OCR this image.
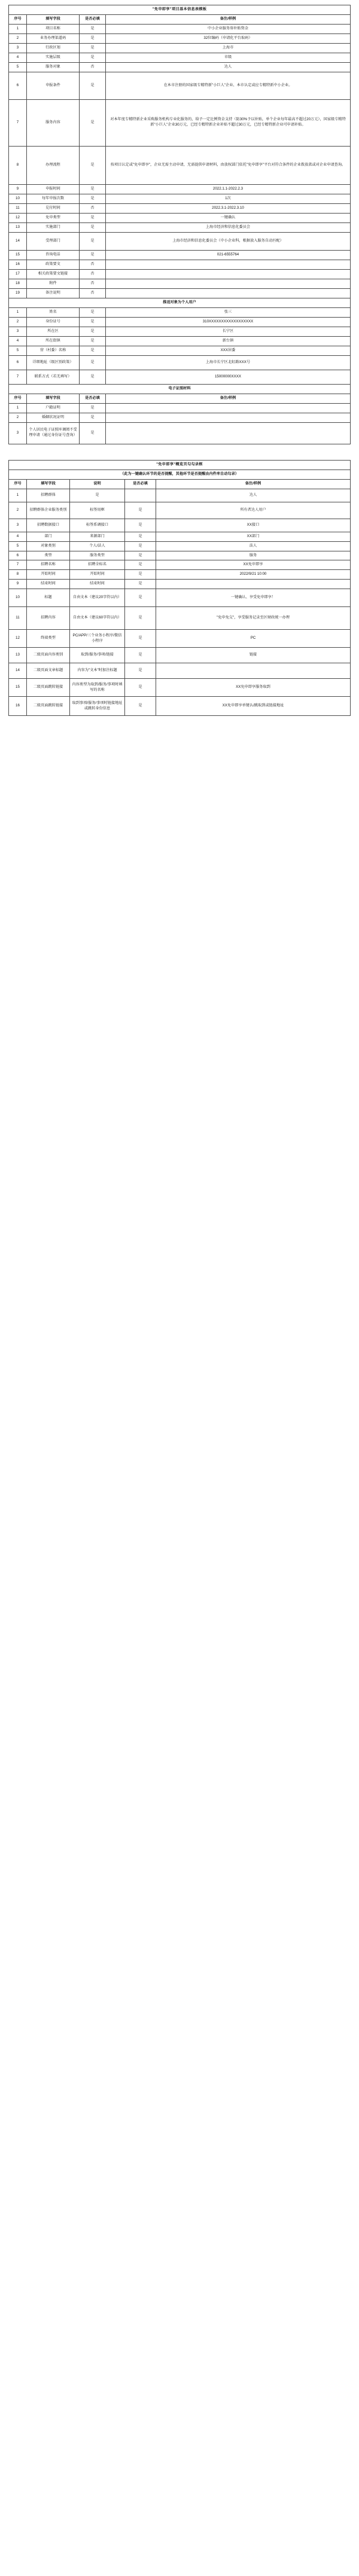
"免申即享"项目基本信息表模板			
序号	填写字段	是否必填	备注/样例
1	项目名称	是	中小企业服务券补贴资金
2	业务办理渠道码	是	32位编码（申请化平台取码）
3	行政区划	是	上海市
4	实施层级	是	市级
5	服务对象	否	达人
6	申报条件	是	在本市注册的国家级专精特新"小巨人"企业、本市认定或应专精特新中小企业。
7	服务内容	是	对本年度专精特新企业采购服务机构专业化服务的，给予一定比例资金支持（防30%予以补贴，单个企业每年最高不超过20万元），国家级专精特新"小巨人"企业30万元，已经专精特新企业补贴不超过30万元，已经专精特新企业可申请补贴。
8	办理流程	是	按项目认定或"免申即享"，企业无需主动申请，无需提供申请材料，由放权部门依托"免申即享"平台对符合条件的企业拨放款或对企业申请查询。
9	申报时间	是	2022.1.1-2022.2.3
10	每年申报次数	是	1次
11	兑付时间	否	2022.3.1-2022.3.10
12	免申类型	是	一键确认
13	实施部门	是	上海市经济和信息化委员会
14	受理部门	是	上海市经济和信息化委员会（中小企业科，根据放入服务自动匹配）
15	咨询电话	是	021-6555764
16	政策要文	否	
17	相关政策要文链接	否	
18	附件	否	
19	备注说明	否	
推送对象为个人用户			
1	姓名	是	张三
2	身份证号	是	310XXXXXXXXXXXXXXXXXX
3	所在区	是	长宁区
4	所在街镇	是	新台镇
5	营（村委）名称	是	XXX居委
6	详细地址（级区别政策）	是	上海市长宁区北虹路XXX号
7	联系方式（若无填写）	是	15000000XXXX
电子证照材料			
序号	填写字段	是否必填	备注/样例
1	户籍证明	是	
2	婚姻状况证明	是	
3	个人居民电子证照库调阅不受理申请（通过身份证号查询）	是	
"免申即享"概览页勾勾录框				
（此为一键确认环节的是否提醒，其他环节是否提醒由内件库自动勾录）				
序号	填写字段	说明	是否必填	备注/样例
1	招聘群体	是		达人
2	招聘群体企业服务类别	标签用框	是	所有者达人用户
3	招聘数据接口	标签系调接口	是	XX接口
4	部门	来源部门	是	XX部门
5	对象类别	个人/法人	是	法人
6	类型	服务类型	是	服务
7	招聘名称	招聘全标名	是	XX免申即享
8	开始时间	开始时间	是	2022/9/21 10:00
9	结束时间	结束时间	是	
10	标题	自由文本（建议20字符以内）	是	一键确认、享受免申即享！
11	招聘内容	自由文本（建议60字符以内）	是	"免申免交"，享受服务记录至区财政统一办理
12	终端类型	PC/APP/三个业务小程序/微信小程序	是	PC
13	二级页面内容类别	取到/服务/事项/链接	是	链接
14	二级页面文章标题	内容为"文本"时加注标题	是	
15	二级页面跳转链接	内容类型为取到/服务/事项时填写的名称	是	XX免申即享服务取到
16	二级页面跳转链接	取到事项/服务/事项时链接地址或跳转身份信息	是	XX免申即享单键认/跳取到或链接地址
